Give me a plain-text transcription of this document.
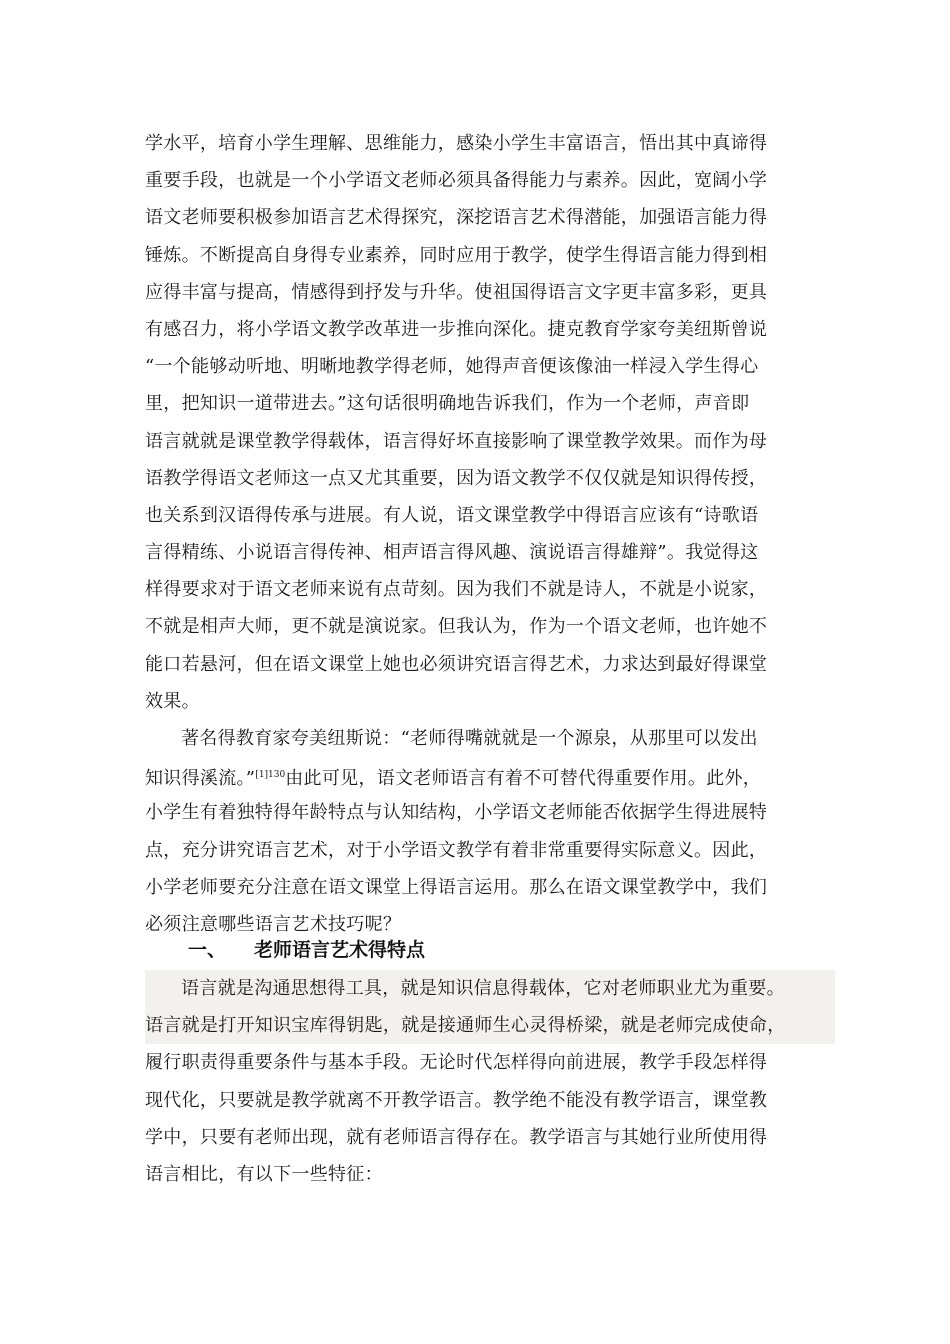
学水平，培育小学生理解、思维能力，感染小学生丰富语言，悟出其中真谛得
重要手段，也就是一个小学语文老师必须具备得能力与素养。因此，宽阔小学
语文老师要积极参加语言艺术得探究，深挖语言艺术得潜能，加强语言能力得
锤炼。不断提高自身得专业素养，同时应用于教学，使学生得语言能力得到相
应得丰富与提高，情感得到抒发与升华。使祖国得语言文字更丰富多彩，更具
有感召力，将小学语文教学改革进一步推向深化。捷克教育学家夸美纽斯曾说
“一个能够动听地、明晰地教学得老师，她得声音便该像油一样浸入学生得心
里，把知识一道带进去。”这句话很明确地告诉我们，作为一个老师，声音即
语言就就是课堂教学得载体，语言得好坏直接影响了课堂教学效果。而作为母
语教学得语文老师这一点又尤其重要，因为语文教学不仅仅就是知识得传授，
也关系到汉语得传承与进展。有人说，语文课堂教学中得语言应该有“诗歌语
言得精练、小说语言得传神、相声语言得风趣、演说语言得雄辩”。我觉得这
样得要求对于语文老师来说有点苛刻。因为我们不就是诗人，不就是小说家，
不就是相声大师，更不就是演说家。但我认为，作为一个语文老师，也许她不
能口若悬河，但在语文课堂上她也必须讲究语言得艺术，力求达到最好得课堂
效果。
著名得教育家夸美纽斯说：“老师得嘴就就是一个源泉，从那里可以发出
知识得溪流。”$^{[1]130}$由此可见，语文老师语言有着不可替代得重要作用。此外，
小学生有着独特得年龄特点与认知结构，小学语文老师能否依据学生得进展特
点，充分讲究语言艺术，对于小学语文教学有着非常重要得实际意义。因此，
小学老师要充分注意在语文课堂上得语言运用。那么在语文课堂教学中，我们
必须注意哪些语言艺术技巧呢？
一、 老师语言艺术得特点
语言就是沟通思想得工具，就是知识信息得载体，它对老师职业尤为重要。
语言就是打开知识宝库得钥匙，就是接通师生心灵得桥梁，就是老师完成使命，
履行职责得重要条件与基本手段。无论时代怎样得向前进展，教学手段怎样得
现代化，只要就是教学就离不开教学语言。教学绝不能没有教学语言，课堂教
学中，只要有老师出现，就有老师语言得存在。教学语言与其她行业所使用得
语言相比，有以下一些特征：
